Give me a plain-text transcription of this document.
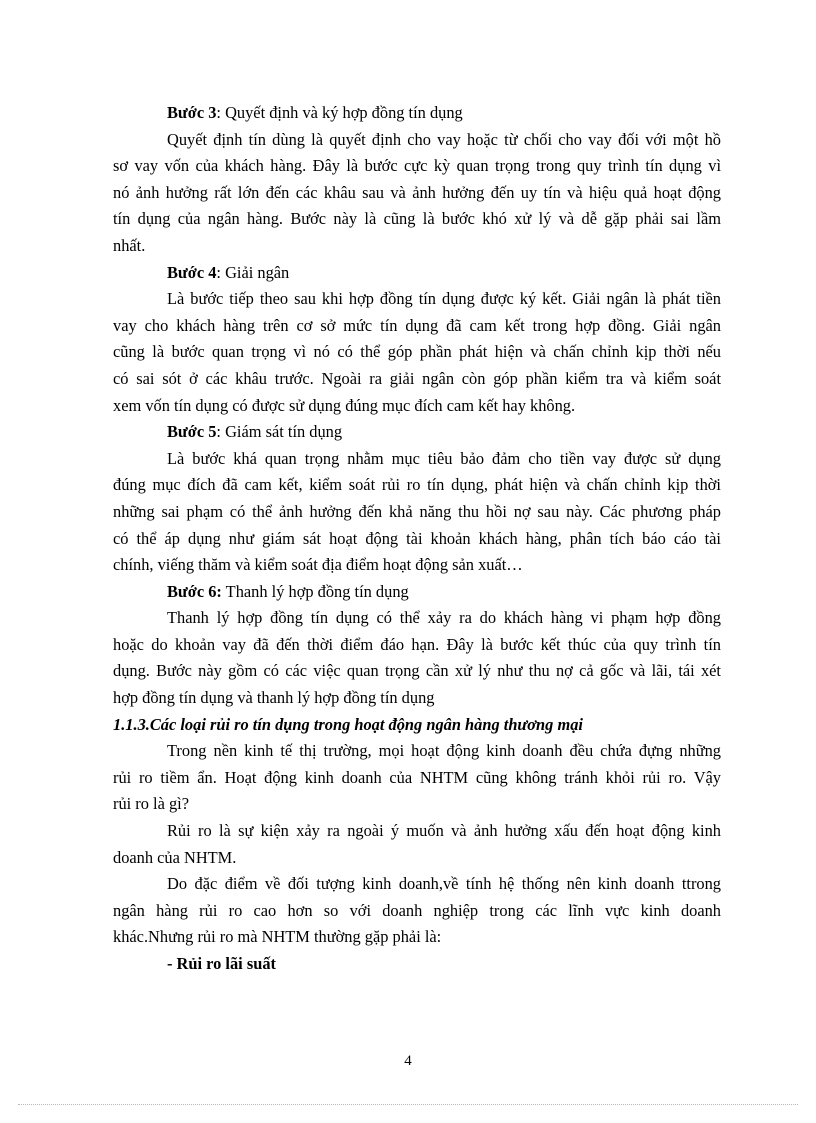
Bước 3: Quyết định và ký hợp đồng tín dụng
Quyết định tín dùng là quyết định cho vay hoặc từ chối cho vay đối với một hồ
sơ vay vốn của khách hàng. Đây là bước cực kỳ quan trọng trong quy trình tín dụng vì
nó ảnh hưởng rất lớn đến các khâu sau và ảnh hưởng đến uy tín và hiệu quả hoạt động
tín dụng của ngân hàng. Bước này là cũng là bước khó xử lý và dễ gặp phải sai lầm
nhất.
Bước 4: Giải ngân
Là bước tiếp theo sau khi hợp đồng tín dụng được ký kết. Giải ngân là phát tiền
vay cho khách hàng trên cơ sở mức tín dụng đã cam kết trong hợp đồng. Giải ngân
cũng là bước quan trọng vì nó có thể góp phần phát hiện và chấn chỉnh kịp thời nếu
có sai sót ở các khâu trước. Ngoài ra giải ngân còn góp phần kiểm tra và kiểm soát
xem vốn tín dụng có được sử dụng đúng mục đích cam kết hay không.
Bước 5: Giám sát tín dụng
Là bước khá quan trọng nhằm mục tiêu bảo đảm cho tiền vay được sử dụng
đúng mục đích đã cam kết, kiểm soát rủi ro tín dụng, phát hiện và chấn chỉnh kịp thời
những sai phạm có thể ảnh hưởng đến khả năng thu hồi nợ sau này. Các phương pháp
có thể áp dụng như giám sát hoạt động tài khoản khách hàng, phân tích báo cáo tài
chính, viếng thăm và kiểm soát địa điểm hoạt động sản xuất…
Bước 6: Thanh lý hợp đồng tín dụng
Thanh lý hợp đồng tín dụng có thể xảy ra do khách hàng vi phạm hợp đồng
hoặc do khoản vay đã đến thời điểm đáo hạn. Đây là bước kết thúc của quy trình tín
dụng. Bước này gồm có các việc quan trọng cần xử lý như thu nợ cả gốc và lãi, tái xét
hợp đồng tín dụng và thanh lý hợp đồng tín dụng
1.1.3.Các loại rủi ro tín dụng trong hoạt động ngân hàng thương mại
Trong nền kinh tế thị trường, mọi hoạt động kinh doanh đều chứa đựng những
rủi ro tiềm ẩn. Hoạt động kinh doanh của NHTM cũng không tránh khỏi rủi ro. Vậy
rủi ro là gì?
Rủi ro là sự kiện xảy ra ngoài ý muốn và ảnh hưởng xấu đến hoạt động kinh
doanh của NHTM.
Do đặc điểm về đối tượng kinh doanh,về tính hệ thống nên kinh doanh ttrong
ngân hàng rủi ro cao hơn so với doanh nghiệp trong các lĩnh vực kinh doanh
khác.Nhưng rủi ro mà NHTM thường gặp phải là:
- Rủi ro lãi suất
4
